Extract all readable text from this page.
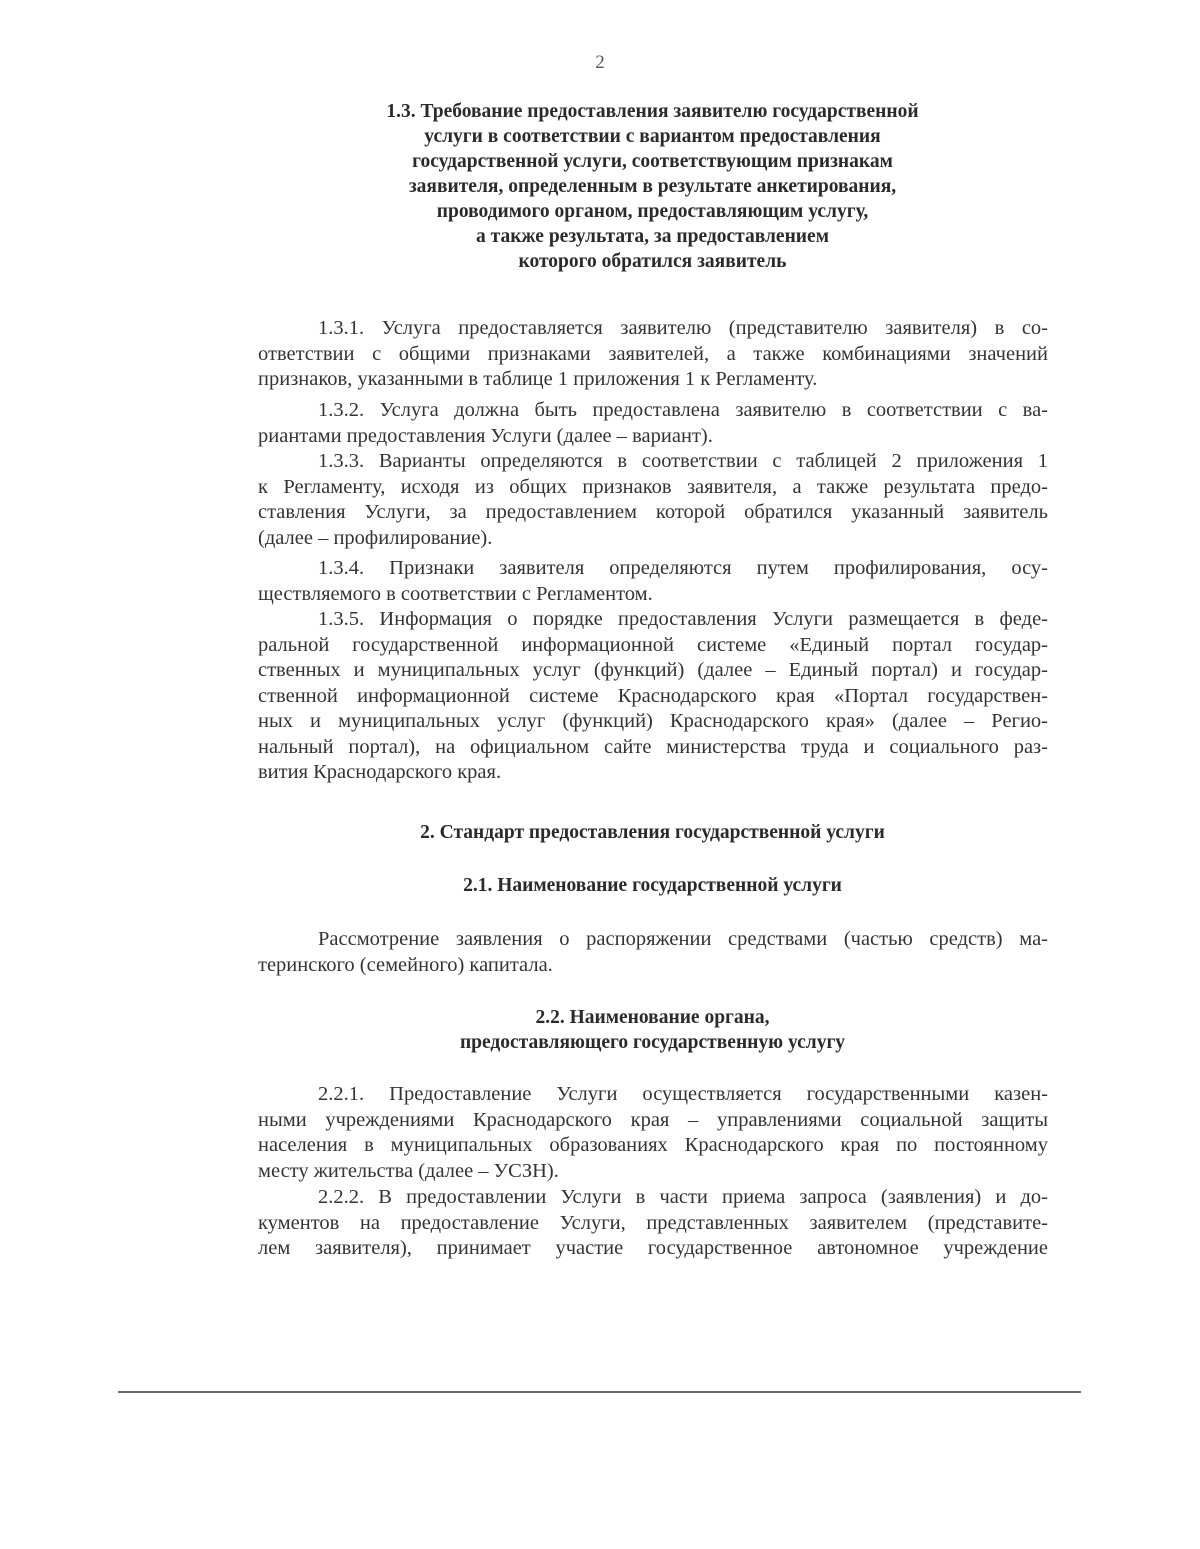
2
1.3. Требование предоставления заявителю государственной
услуги в соответствии с вариантом предоставления
государственной услуги, соответствующим признакам
заявителя, определенным в результате анкетирования,
проводимого органом, предоставляющим услугу,
а также результата, за предоставлением
которого обратился заявитель
1.3.1. Услуга предоставляется заявителю (представителю заявителя) в со-
ответствии с общими признаками заявителей, а также комбинациями значений
признаков, указанными в таблице 1 приложения 1 к Регламенту.
1.3.2. Услуга должна быть предоставлена заявителю в соответствии с ва-
риантами предоставления Услуги (далее – вариант).
1.3.3. Варианты определяются в соответствии с таблицей 2 приложения 1
к Регламенту, исходя из общих признаков заявителя, а также результата предо-
ставления Услуги, за предоставлением которой обратился указанный заявитель
(далее – профилирование).
1.3.4. Признаки заявителя определяются путем профилирования, осу-
ществляемого в соответствии с Регламентом.
1.3.5. Информация о порядке предоставления Услуги размещается в феде-
ральной государственной информационной системе «Единый портал государ-
ственных и муниципальных услуг (функций) (далее – Единый портал) и государ-
ственной информационной системе Краснодарского края «Портал государствен-
ных и муниципальных услуг (функций) Краснодарского края» (далее – Регио-
нальный портал), на официальном сайте министерства труда и социального раз-
вития Краснодарского края.
2. Стандарт предоставления государственной услуги
2.1. Наименование государственной услуги
Рассмотрение заявления о распоряжении средствами (частью средств) ма-
теринского (семейного) капитала.
2.2. Наименование органа,
предоставляющего государственную услугу
2.2.1. Предоставление Услуги осуществляется государственными казен-
ными учреждениями Краснодарского края – управлениями социальной защиты
населения в муниципальных образованиях Краснодарского края по постоянному
месту жительства (далее – УСЗН).
2.2.2. В предоставлении Услуги в части приема запроса (заявления) и до-
кументов на предоставление Услуги, представленных заявителем (представите-
лем заявителя), принимает участие государственное автономное учреждение
